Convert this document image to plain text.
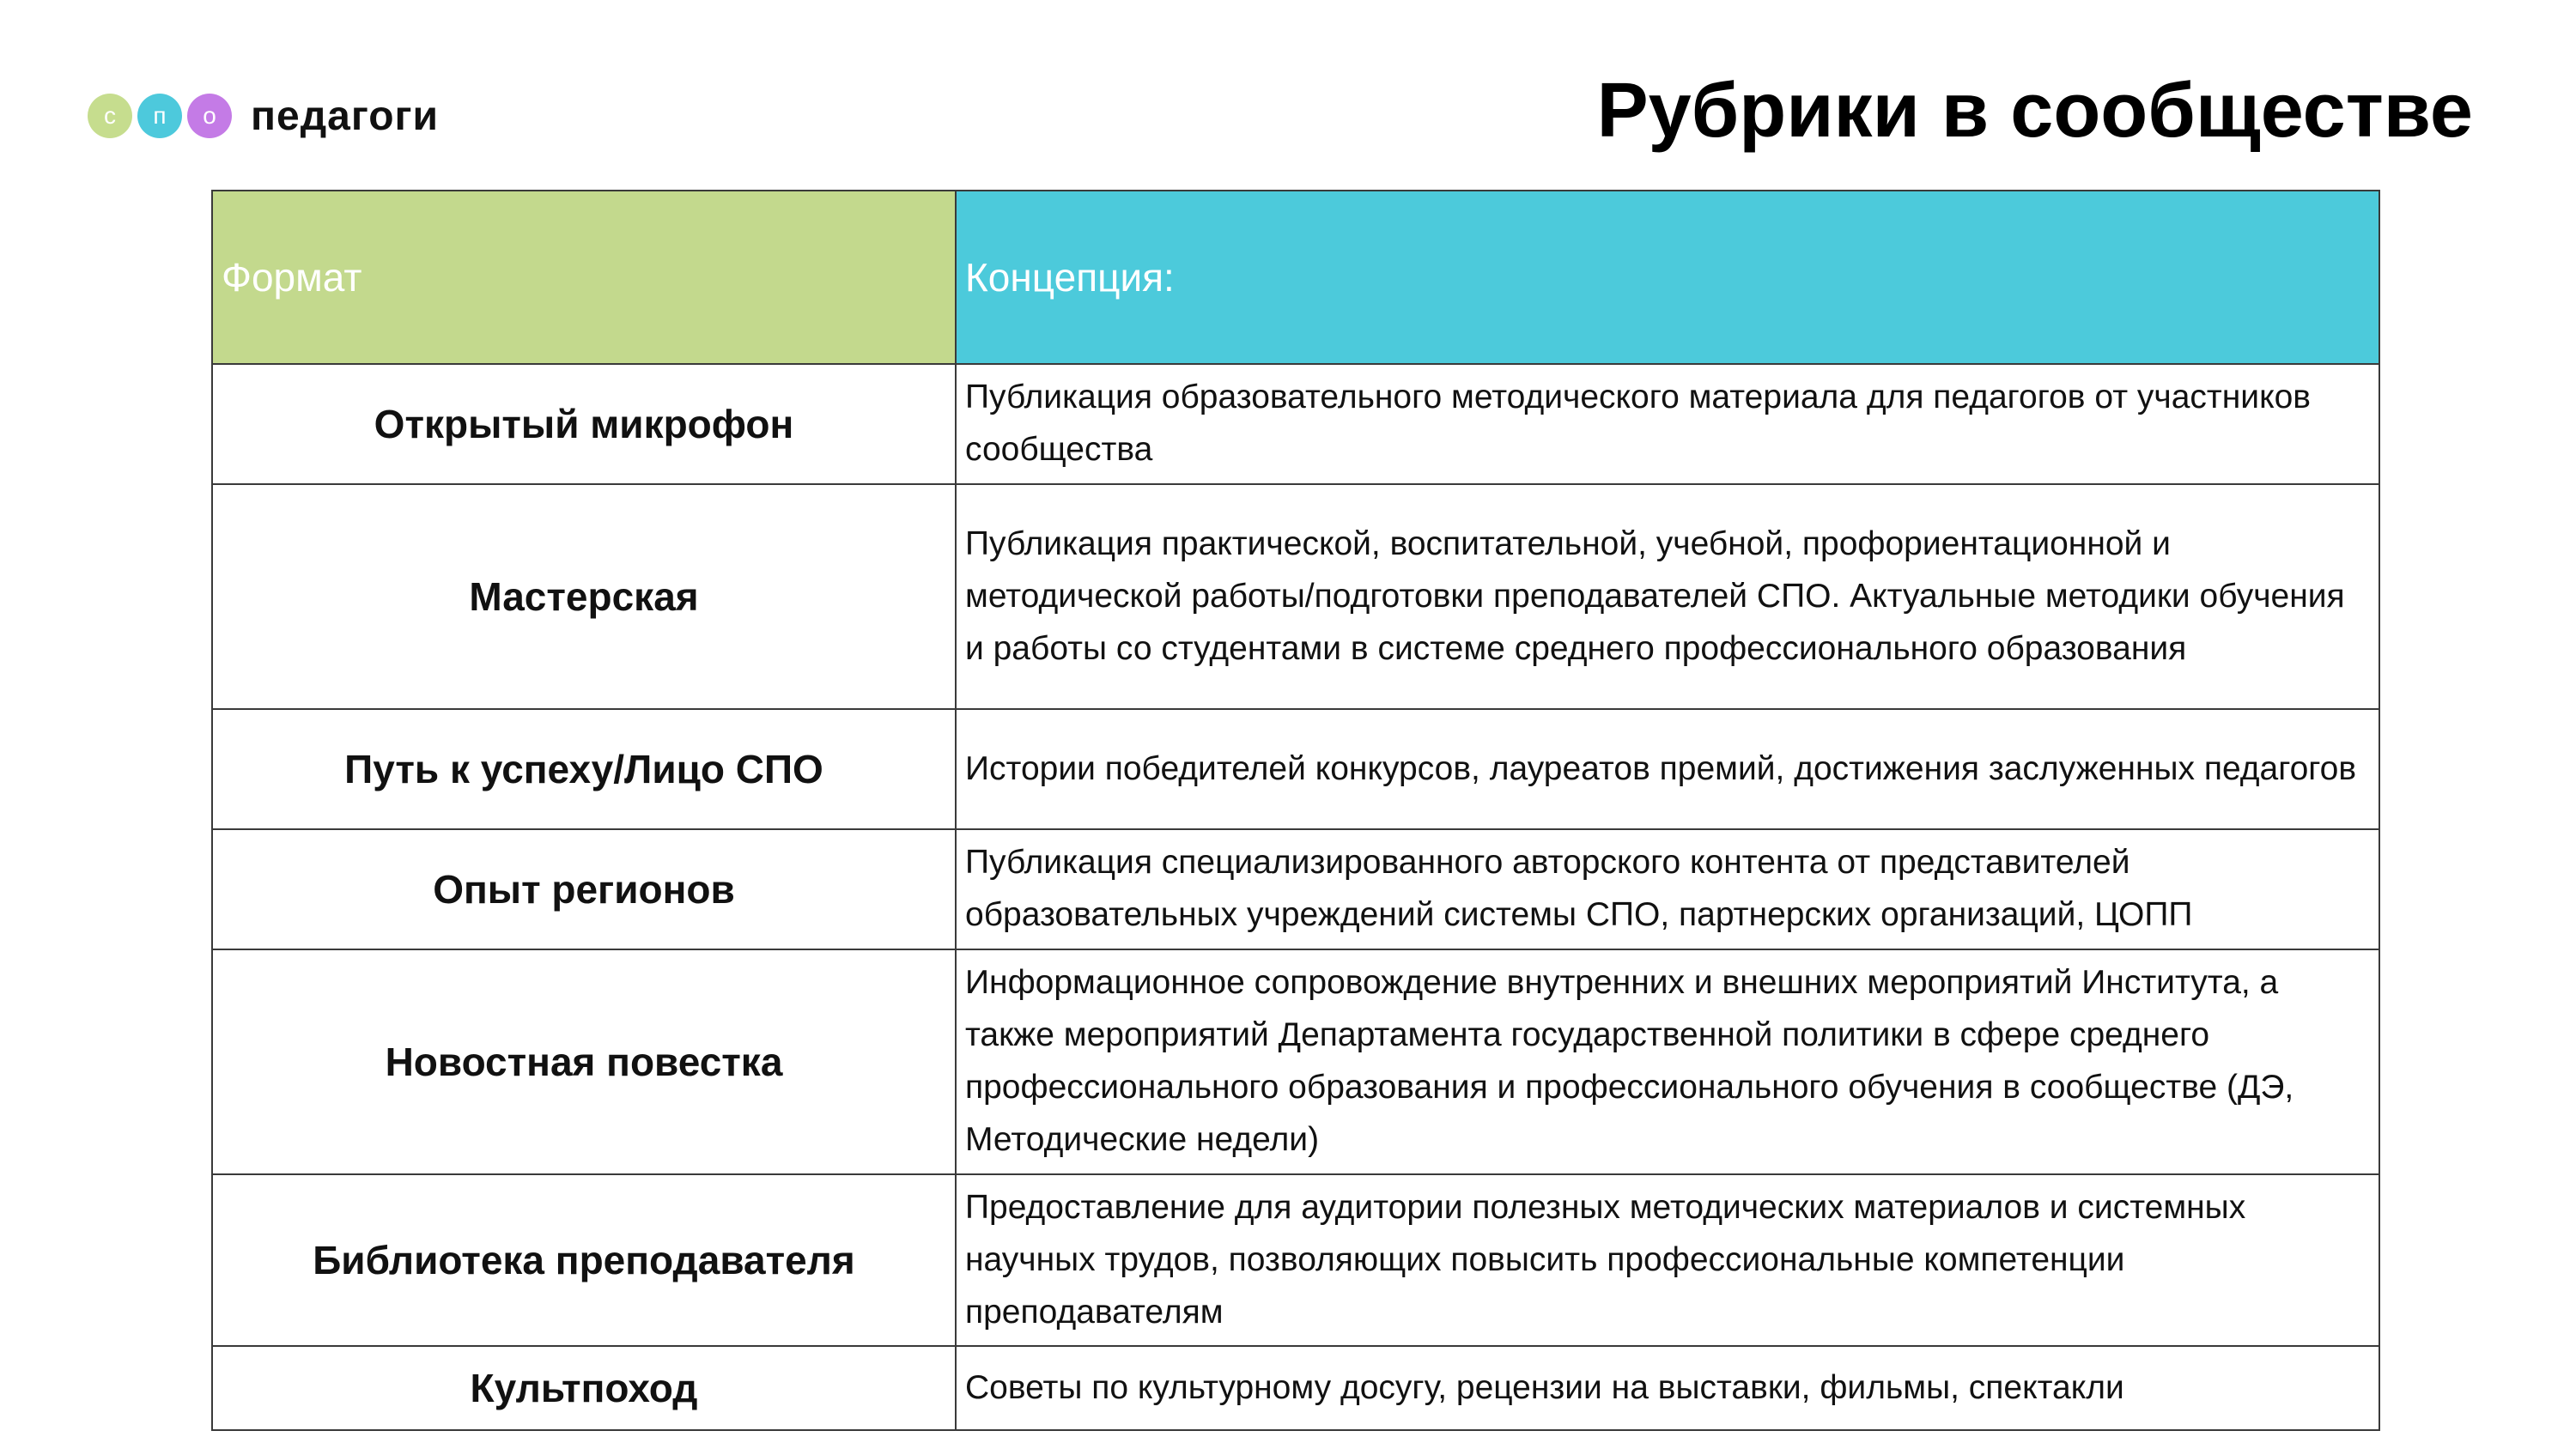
с	п	о педагоги	Рубрики в сообществе
Формат	Концепция:
Открытый микрофон	Публикация образовательного методического материала для педагогов от участников сообщества
Мастерская	Публикация практической, воспитательной, учебной, профориентационной и методической работы/подготовки преподавателей СПО. Актуальные методики обучения и работы со студентами в системе среднего профессионального образования
Путь к успеху/Лицо СПО	Истории победителей конкурсов, лауреатов премий, достижения заслуженных педагогов
Опыт регионов	Публикация специализированного авторского контента от представителей образовательных учреждений системы СПО, партнерских организаций, ЦОПП
Новостная повестка	Информационное сопровождение внутренних и внешних мероприятий Института, а также мероприятий Департамента государственной политики в сфере среднего профессионального образования и профессионального обучения в сообществе (ДЭ, Методические недели)
Библиотека преподавателя	Предоставление для аудитории полезных методических материалов и системных научных трудов, позволяющих повысить профессиональные компетенции преподавателям
Культпоход	Советы по культурному досугу, рецензии на выставки, фильмы, спектакли
